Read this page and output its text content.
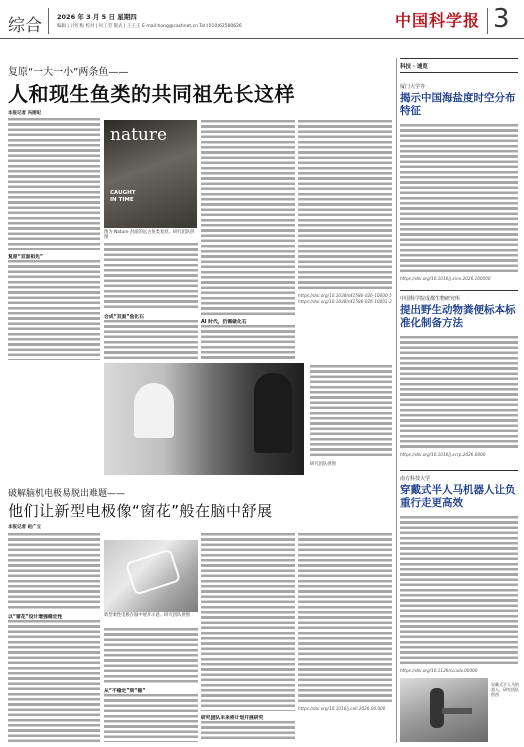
综合 2026 年 3 月 5 日 星期四
编辑 | 计红梅 校对 | 何工劳 版式 | 王王王 E-mail:hong@cashnet.cn Tel:(010)62580626	中国科学报 3
复原“一大一小”两条鱼——
人和现生鱼类的共同祖先长这样
本报记者 冯丽妃
复原“双面祖先”
nature
CAUGHT IN TIME
图为 Nature 封面的远古鱼类复原。研究团队供图
合成“双面”鱼化石
AI 时代，仍需做化石
https://doi.org/10.1038/s41586-026-10000-5
https://doi.org/10.1038/s41586-026-10001-2
研究团队供图
破解脑机电极易脱出难题——
他们让新型电极像“窗花”般在脑中舒展
本报记者 赵广立
以“窗花”设计增强稳定性	新型柔性电极在脑中展开示意。研究团队供图
从“不稳定”到“稳”
研究团队未来将计划开展研究
https://doi.org/10.1016/j.cell.2026.00.000
科技 · 速览
厦门大学等
揭示中国海盐度时空分布特征
https://doi.org/10.1016/j.xinn.2026.100000
中国科学院成都生物研究所
提出野生动物粪便标本标准化制备方法
https://doi.org/10.1016/j.xcrp.2026.0000
南方科技大学
穿戴式半人马机器人让负重行走更高效
https://doi.org/10.1126/sciadv.00000
穿戴式半人马机器人。研究团队供图
